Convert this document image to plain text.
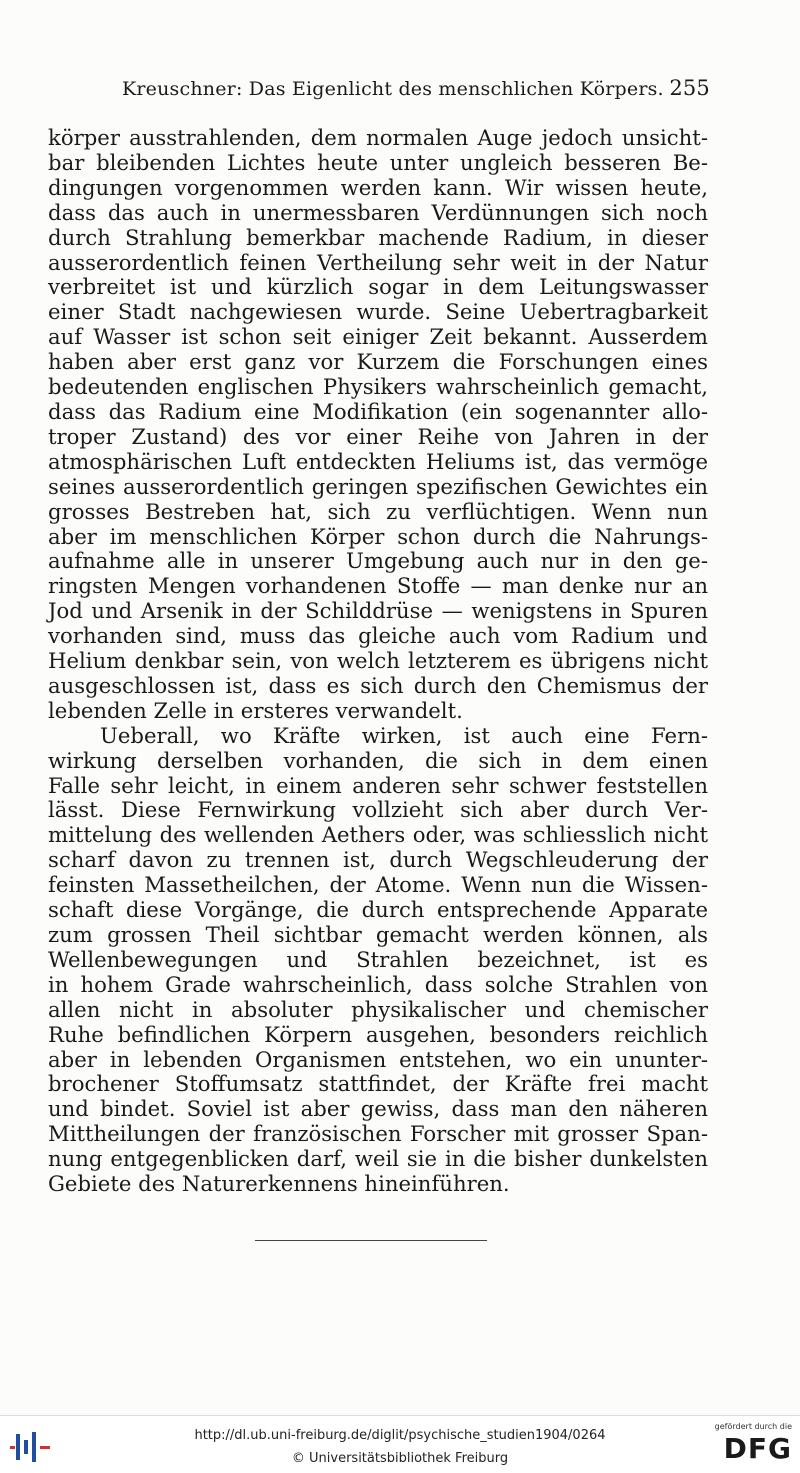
Kreuschner: Das Eigenlicht des menschlichen Körpers. 255
körper ausstrahlenden, dem normalen Auge jedoch unsicht-
bar bleibenden Lichtes heute unter ungleich besseren Be-
dingungen vorgenommen werden kann. Wir wissen heute,
dass das auch in unermessbaren Verdünnungen sich noch
durch Strahlung bemerkbar machende Radium, in dieser
ausserordentlich feinen Vertheilung sehr weit in der Natur
verbreitet ist und kürzlich sogar in dem Leitungswasser
einer Stadt nachgewiesen wurde. Seine Uebertragbarkeit
auf Wasser ist schon seit einiger Zeit bekannt. Ausserdem
haben aber erst ganz vor Kurzem die Forschungen eines
bedeutenden englischen Physikers wahrscheinlich gemacht,
dass das Radium eine Modifikation (ein sogenannter allo-
troper Zustand) des vor einer Reihe von Jahren in der
atmosphärischen Luft entdeckten Heliums ist, das vermöge
seines ausserordentlich geringen spezifischen Gewichtes ein
grosses Bestreben hat, sich zu verflüchtigen. Wenn nun
aber im menschlichen Körper schon durch die Nahrungs-
aufnahme alle in unserer Umgebung auch nur in den ge-
ringsten Mengen vorhandenen Stoffe — man denke nur an
Jod und Arsenik in der Schilddrüse — wenigstens in Spuren
vorhanden sind, muss das gleiche auch vom Radium und
Helium denkbar sein, von welch letzterem es übrigens nicht
ausgeschlossen ist, dass es sich durch den Chemismus der
lebenden Zelle in ersteres verwandelt.
Ueberall, wo Kräfte wirken, ist auch eine Fern-
wirkung derselben vorhanden, die sich in dem einen
Falle sehr leicht, in einem anderen sehr schwer feststellen
lässt. Diese Fernwirkung vollzieht sich aber durch Ver-
mittelung des wellenden Aethers oder, was schliesslich nicht
scharf davon zu trennen ist, durch Wegschleuderung der
feinsten Massetheilchen, der Atome. Wenn nun die Wissen-
schaft diese Vorgänge, die durch entsprechende Apparate
zum grossen Theil sichtbar gemacht werden können, als
Wellenbewegungen und Strahlen bezeichnet, ist es
in hohem Grade wahrscheinlich, dass solche Strahlen von
allen nicht in absoluter physikalischer und chemischer
Ruhe befindlichen Körpern ausgehen, besonders reichlich
aber in lebenden Organismen entstehen, wo ein ununter-
brochener Stoffumsatz stattfindet, der Kräfte frei macht
und bindet. Soviel ist aber gewiss, dass man den näheren
Mittheilungen der französischen Forscher mit grosser Span-
nung entgegenblicken darf, weil sie in die bisher dunkelsten
Gebiete des Naturerkennens hineinführen.
http://dl.ub.uni-freiburg.de/diglit/psychische_studien1904/0264
© Universitätsbibliothek Freiburg
gefördert durch die
DFG
